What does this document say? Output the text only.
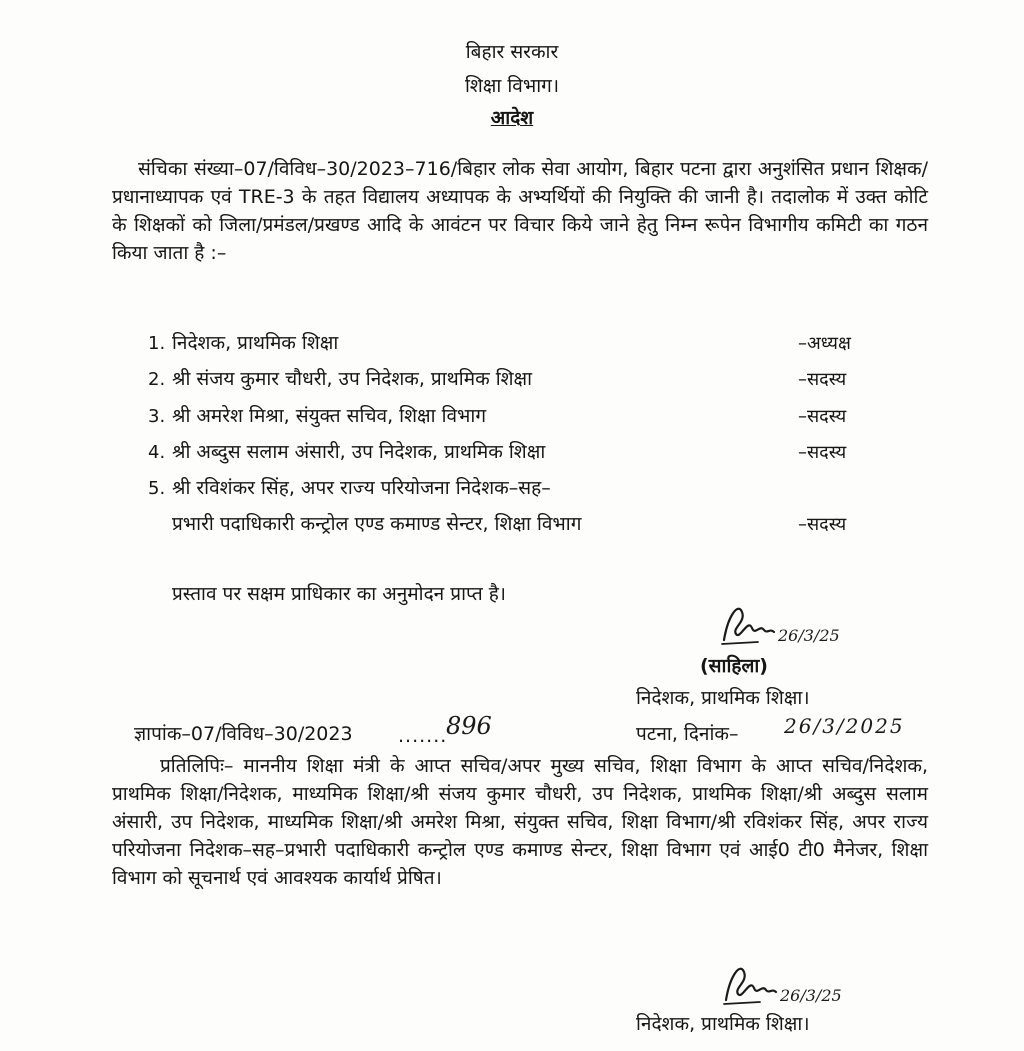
बिहार सरकार
शिक्षा विभाग।
आदेश
संचिका संख्या–07/विविध–30/2023–716/बिहार लोक सेवा आयोग, बिहार पटना द्वारा अनुशंसित प्रधान शिक्षक/प्रधानाध्यापक एवं TRE-3 के तहत विद्यालय अध्यापक के अभ्यर्थियों की नियुक्ति की जानी है। तदालोक में उक्त कोटि के शिक्षकों को जिला/प्रमंडल/प्रखण्ड आदि के आवंटन पर विचार किये जाने हेतु निम्न रूपेन विभागीय कमिटी का गठन किया जाता है :–
1. निदेशक, प्राथमिक शिक्षा	–अध्यक्ष
2. श्री संजय कुमार चौधरी, उप निदेशक, प्राथमिक शिक्षा	–सदस्य
3. श्री अमरेश मिश्रा, संयुक्त सचिव, शिक्षा विभाग	–सदस्य
4. श्री अब्दुस सलाम अंसारी, उप निदेशक, प्राथमिक शिक्षा	–सदस्य
5. श्री रविशंकर सिंह, अपर राज्य परियोजना निदेशक–सह–
प्रभारी पदाधिकारी कन्ट्रोल एण्ड कमाण्ड सेन्टर, शिक्षा विभाग	–सदस्य
प्रस्ताव पर सक्षम प्राधिकार का अनुमोदन प्राप्त है।
26/3/25
(साहिला)
निदेशक, प्राथमिक शिक्षा।
ज्ञापांक–07/विविध–30/2023 .......
896	पटना, दिनांक– 26/3/2025
प्रतिलिपिः– माननीय शिक्षा मंत्री के आप्त सचिव/अपर मुख्य सचिव, शिक्षा विभाग के आप्त सचिव/निदेशक, प्राथमिक शिक्षा/निदेशक, माध्यमिक शिक्षा/श्री संजय कुमार चौधरी, उप निदेशक, प्राथमिक शिक्षा/श्री अब्दुस सलाम अंसारी, उप निदेशक, माध्यमिक शिक्षा/श्री अमरेश मिश्रा, संयुक्त सचिव, शिक्षा विभाग/श्री रविशंकर सिंह, अपर राज्य परियोजना निदेशक–सह–प्रभारी पदाधिकारी कन्ट्रोल एण्ड कमाण्ड सेन्टर, शिक्षा विभाग एवं आई0 टी0 मैनेजर, शिक्षा विभाग को सूचनार्थ एवं आवश्यक कार्यार्थ प्रेषित।
26/3/25
निदेशक, प्राथमिक शिक्षा।
